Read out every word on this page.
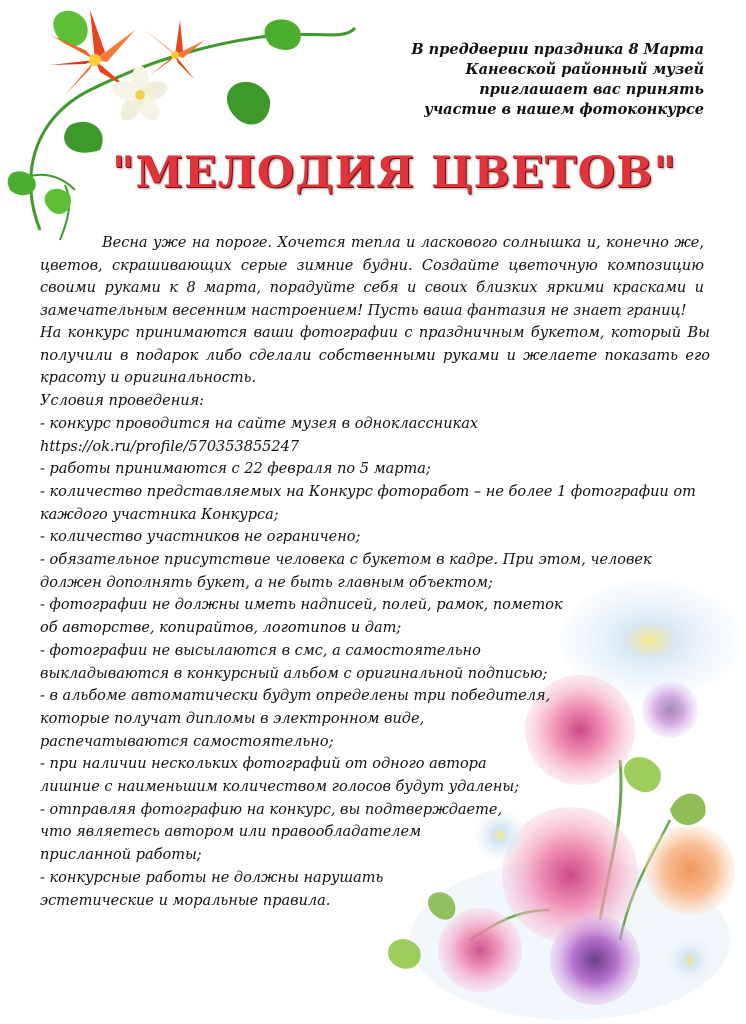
В преддверии праздника 8 Марта
Каневской районный музей
приглашает вас принять
участие в нашем фотоконкурсе
"МЕЛОДИЯ ЦВЕТОВ"
Весна уже на пороге. Хочется тепла и ласкового солнышка и, конечно же, цветов, скрашивающих серые зимние будни. Создайте цветочную композицию своими руками к 8 марта, порадуйте себя и своих близких яркими красками и замечательным весенним настроением! Пусть ваша фантазия не знает границ!
На конкурс принимаются ваши фотографии с праздничным букетом, который Вы получили в подарок либо сделали собственными руками и желаете показать его красоту и оригинальность.
Условия проведения:
- конкурс проводится на сайте музея в одноклассниках
https://ok.ru/profile/570353855247
- работы принимаются с 22 февраля по 5 марта;
- количество представляемых на Конкурс фоторабот – не более 1 фотографии от
каждого участника Конкурса;
- количество участников не ограничено;
- обязательное присутствие человека с букетом в кадре. При этом, человек
должен дополнять букет, а не быть главным объектом;
- фотографии не должны иметь надписей, полей, рамок, пометок
об авторстве, копирайтов, логотипов и дат;
- фотографии не высылаются в смс, а самостоятельно
выкладываются в конкурсный альбом с оригинальной подписью;
- в альбоме автоматически будут определены три победителя,
которые получат дипломы в электронном виде,
распечатываются самостоятельно;
- при наличии нескольких фотографий от одного автора
лишние с наименьшим количеством голосов будут удалены;
- отправляя фотографию на конкурс, вы подтверждаете,
что являетесь автором или правообладателем
присланной работы;
- конкурсные работы не должны нарушать
эстетические и моральные правила.
